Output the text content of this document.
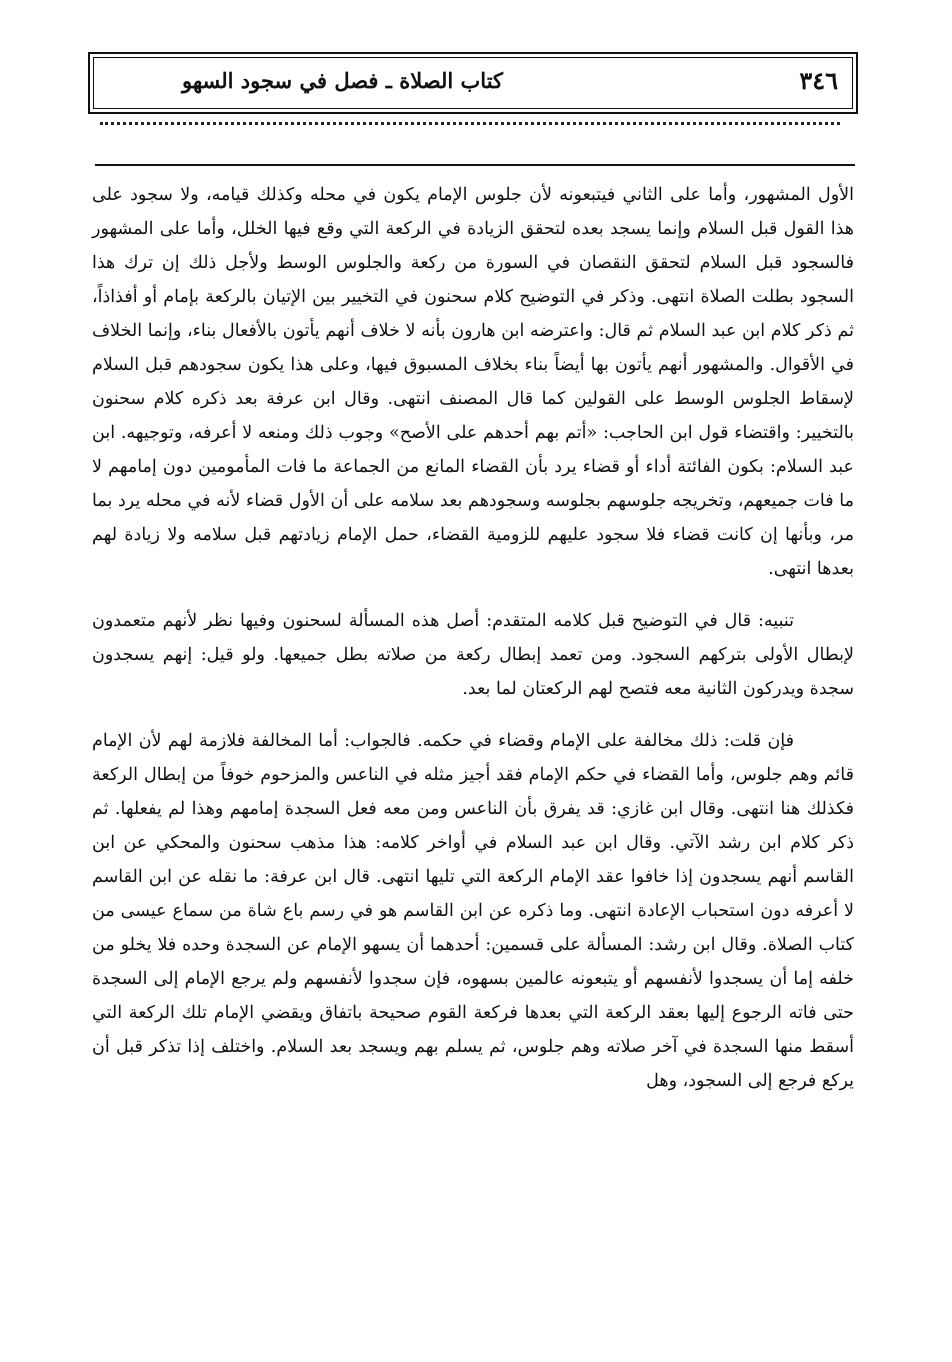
كتاب الصلاة ـ فصل في سجود السهو	٣٤٦

الأول المشهور، وأما على الثاني فيتبعونه لأن جلوس الإمام يكون في محله وكذلك قيامه، ولا سجود على هذا القول قبل السلام وإنما يسجد بعده لتحقق الزيادة في الركعة التي وقع فيها الخلل، وأما على المشهور فالسجود قبل السلام لتحقق النقصان في السورة من ركعة والجلوس الوسط ولأجل ذلك إن ترك هذا السجود بطلت الصلاة انتهى. وذكر في التوضيح كلام سحنون في التخيير بين الإتيان بالركعة بإمام أو أفذاذاً، ثم ذكر كلام ابن عبد السلام ثم قال: واعترضه ابن هارون بأنه لا خلاف أنهم يأتون بالأفعال بناء، وإنما الخلاف في الأقوال. والمشهور أنهم يأتون بها أيضاً بناء بخلاف المسبوق فيها، وعلى هذا يكون سجودهم قبل السلام لإسقاط الجلوس الوسط على القولين كما قال المصنف انتهى. وقال ابن عرفة بعد ذكره كلام سحنون بالتخيير: واقتضاء قول ابن الحاجب: «أتم بهم أحدهم على الأصح» وجوب ذلك ومنعه لا أعرفه، وتوجيهه. ابن عبد السلام: بكون الفائتة أداء أو قضاء يرد بأن القضاء المانع من الجماعة ما فات المأمومين دون إمامهم لا ما فات جميعهم، وتخريجه جلوسهم بجلوسه وسجودهم بعد سلامه على أن الأول قضاء لأنه في محله يرد بما مر، وبأنها إن كانت قضاء فلا سجود عليهم للزومية القضاء، حمل الإمام زيادتهم قبل سلامه ولا زيادة لهم بعدها انتهى.

تنبيه: قال في التوضيح قبل كلامه المتقدم: أصل هذه المسألة لسحنون وفيها نظر لأنهم متعمدون لإبطال الأولى بتركهم السجود. ومن تعمد إبطال ركعة من صلاته بطل جميعها. ولو قيل: إنهم يسجدون سجدة ويدركون الثانية معه فتصح لهم الركعتان لما بعد.

فإن قلت: ذلك مخالفة على الإمام وقضاء في حكمه. فالجواب: أما المخالفة فلازمة لهم لأن الإمام قائم وهم جلوس، وأما القضاء في حكم الإمام فقد أجيز مثله في الناعس والمزحوم خوفاً من إبطال الركعة فكذلك هنا انتهى. وقال ابن غازي: قد يفرق بأن الناعس ومن معه فعل السجدة إمامهم وهذا لم يفعلها. ثم ذكر كلام ابن رشد الآتي. وقال ابن عبد السلام في أواخر كلامه: هذا مذهب سحنون والمحكي عن ابن القاسم أنهم يسجدون إذا خافوا عقد الإمام الركعة التي تليها انتهى. قال ابن عرفة: ما نقله عن ابن القاسم لا أعرفه دون استحباب الإعادة انتهى. وما ذكره عن ابن القاسم هو في رسم باع شاة من سماع عيسى من كتاب الصلاة. وقال ابن رشد: المسألة على قسمين: أحدهما أن يسهو الإمام عن السجدة وحده فلا يخلو من خلفه إما أن يسجدوا لأنفسهم أو يتبعونه عالمين بسهوه، فإن سجدوا لأنفسهم ولم يرجع الإمام إلى السجدة حتى فاته الرجوع إليها بعقد الركعة التي بعدها فركعة القوم صحيحة باتفاق ويقضي الإمام تلك الركعة التي أسقط منها السجدة في آخر صلاته وهم جلوس، ثم يسلم بهم ويسجد بعد السلام. واختلف إذا تذكر قبل أن يركع فرجع إلى السجود، وهل
